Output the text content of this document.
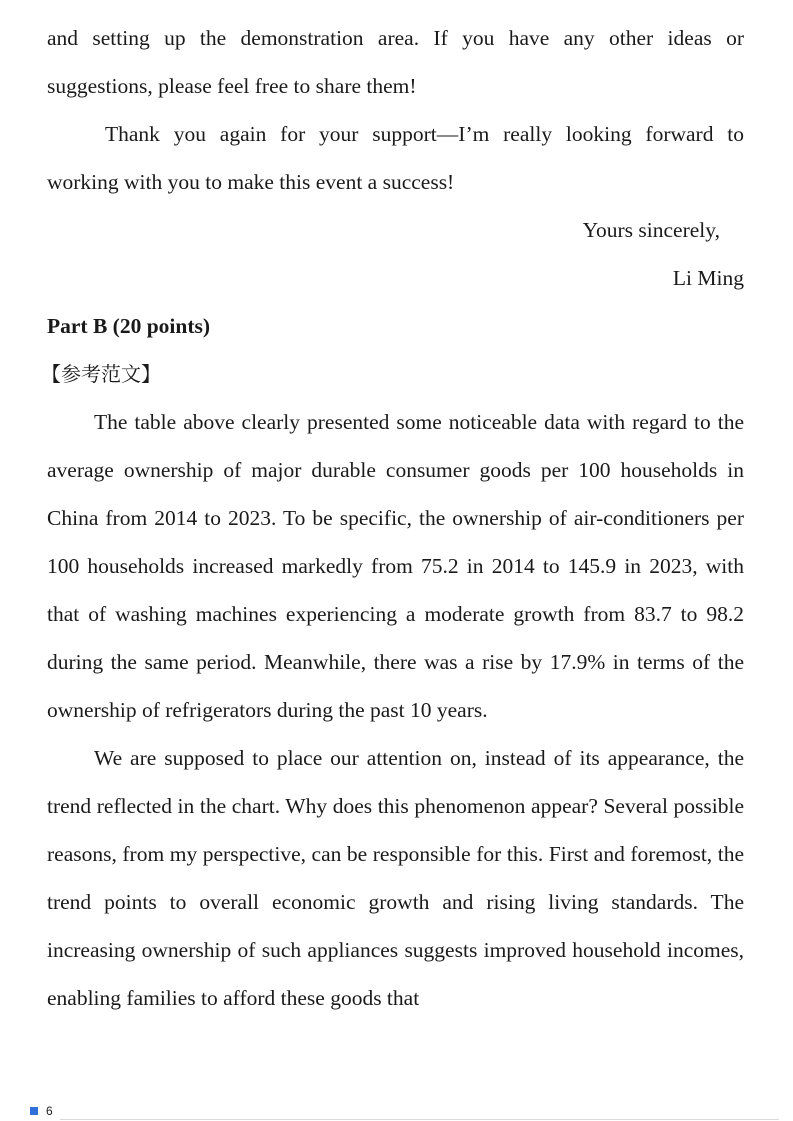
and setting up the demonstration area. If you have any other ideas or suggestions, please feel free to share them!

Thank you again for your support—I’m really looking forward to working with you to make this event a success!

Yours sincerely,

Li Ming

Part B (20 points)

【参考范文】

The table above clearly presented some noticeable data with regard to the average ownership of major durable consumer goods per 100 households in China from 2014 to 2023. To be specific, the ownership of air-conditioners per 100 households increased markedly from 75.2 in 2014 to 145.9 in 2023, with that of washing machines experiencing a moderate growth from 83.7 to 98.2 during the same period. Meanwhile, there was a rise by 17.9% in terms of the ownership of refrigerators during the past 10 years.

We are supposed to place our attention on, instead of its appearance, the trend reflected in the chart. Why does this phenomenon appear? Several possible reasons, from my perspective, can be responsible for this. First and foremost, the trend points to overall economic growth and rising living standards. The increasing ownership of such appliances suggests improved household incomes, enabling families to afford these goods that

6
